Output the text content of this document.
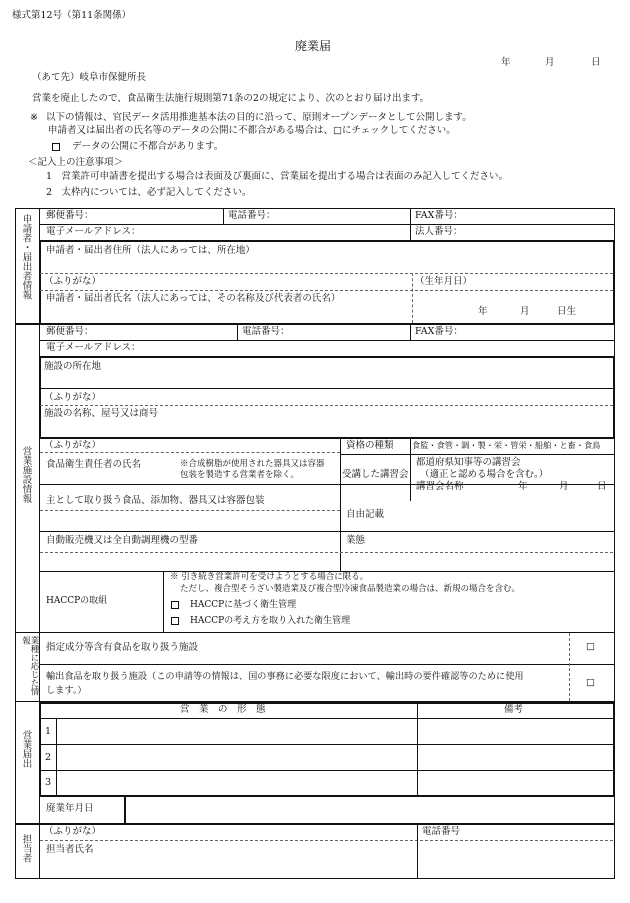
様式第12号（第11条関係）
廃業届
年	月	日
（あて先）岐阜市保健所長
営業を廃止したので、食品衛生法施行規則第71条の2の規定により、次のとおり届け出ます。
※ 以下の情報は、官民データ活用推進基本法の目的に沿って、原則オープンデータとして公開します。
申請者又は届出者の氏名等のデータの公開に不都合がある場合は、□にチェックしてください。
データの公開に不都合があります。
＜記入上の注意事項＞
1　営業許可申請書を提出する場合は表面及び裏面に、営業届を提出する場合は表面のみ記入してください。
2　太枠内については、必ず記入してください。
申請者・届出者情報
営業施設情報
業種に応じた情報
営業届出
担当者
郵便番号：	電話番号：	FAX番号：
電子メールアドレス：	法人番号：
申請者・届出者住所（法人にあっては、所在地）
（ふりがな）	（生年月日）
申請者・届出者氏名（法人にあっては、その名称及び代表者の氏名）
年	月	日生
郵便番号：	電話番号：	FAX番号：
電子メールアドレス：
施設の所在地
（ふりがな）
施設の名称、屋号又は商号
（ふりがな）	資格の種類 食監・食管・調・製・栄・管栄・船舶・と畜・食鳥
食品衛生責任者の氏名	※合成樹脂が使用された器具又は容器
包装を製造する営業者を除く。	受講した講習会
都道府県知事等の講習会
（適正と認める場合を含む。）
講習会名称	年	月	日
主として取り扱う食品、添加物、器具又は容器包装
自由記載
自動販売機又は全自動調理機の型番	業態
HACCPの取組
※ 引き続き営業許可を受けようとする場合に限る。
ただし、複合型そうざい製造業及び複合型冷凍食品製造業の場合は、新規の場合を含む。
HACCPに基づく衛生管理
HACCPの考え方を取り入れた衛生管理
指定成分等含有食品を取り扱う施設	□
輸出食品を取り扱う施設（この申請等の情報は、国の事務に必要な限度において、輸出時の要件確認等のために使用
します。）
□
営　業　の　形　態	備考
1
2
3
廃業年月日
（ふりがな）
担当者氏名
電話番号
